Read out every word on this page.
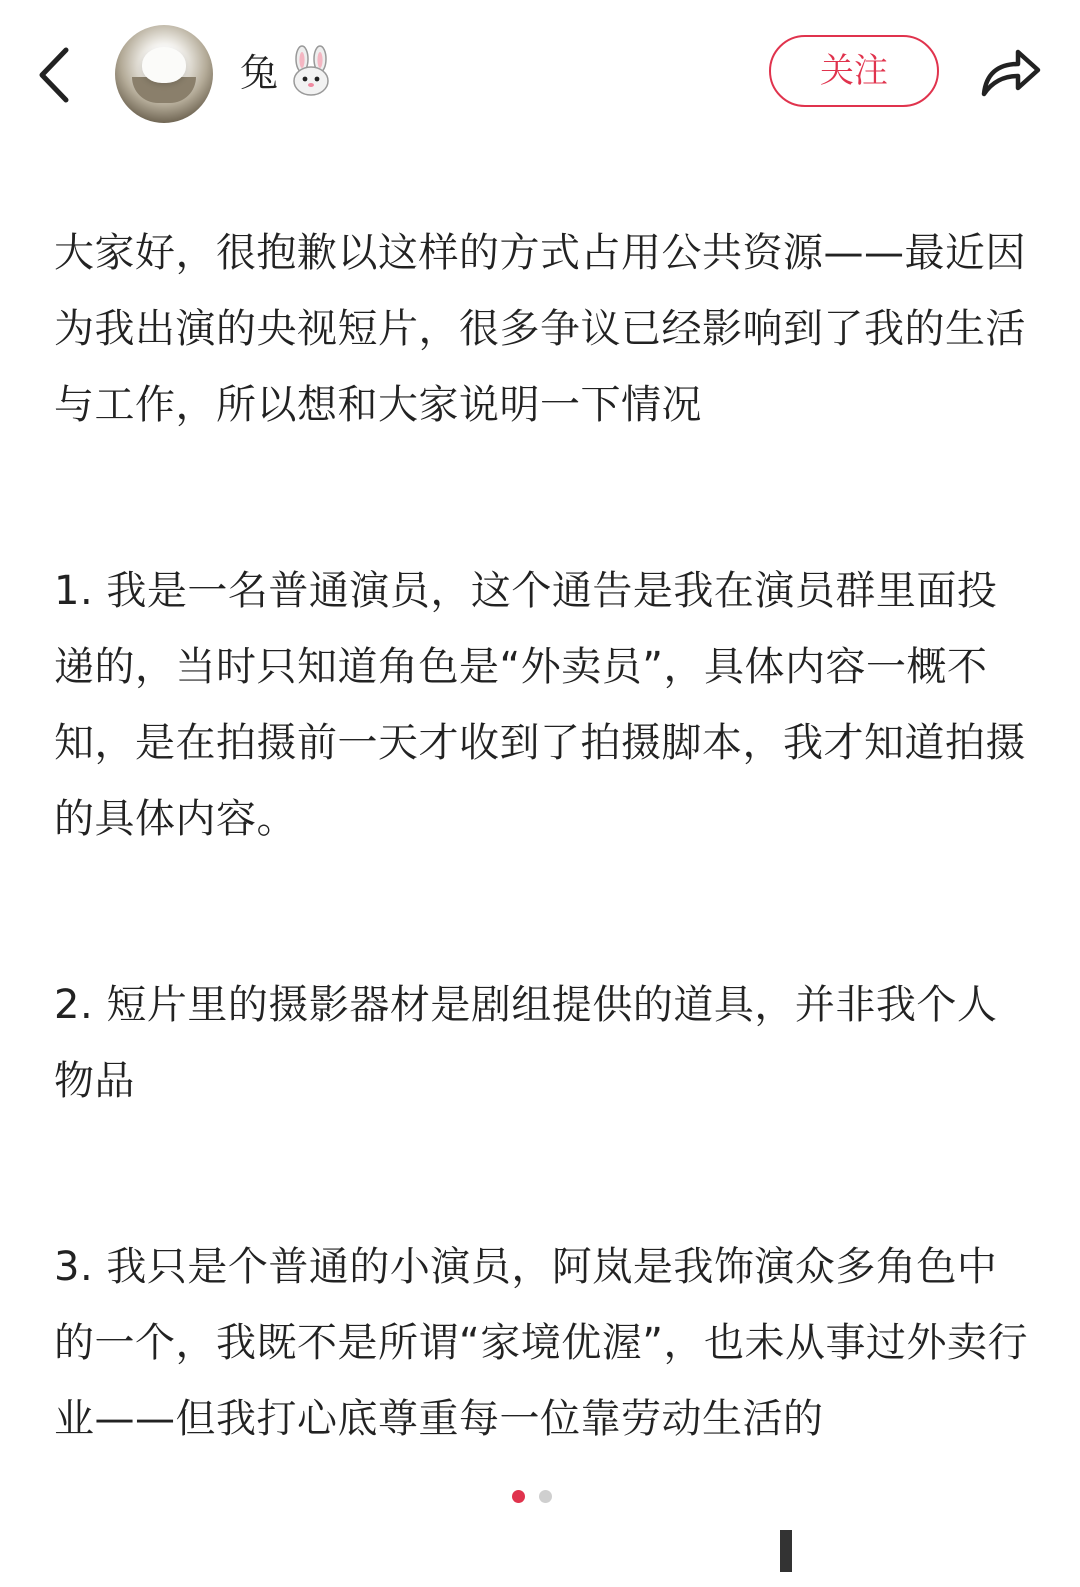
兔	关注

大家好，很抱歉以这样的方式占用公共资源——最近因为我出演的央视短片，很多争议已经影响到了我的生活与工作，所以想和大家说明一下情况

1. 我是一名普通演员，这个通告是我在演员群里面投递的，当时只知道角色是“外卖员”，具体内容一概不知，是在拍摄前一天才收到了拍摄脚本，我才知道拍摄的具体内容。

2. 短片里的摄影器材是剧组提供的道具，并非我个人物品

3. 我只是个普通的小演员，阿岚是我饰演众多角色中的一个，我既不是所谓“家境优渥”，也未从事过外卖行业——但我打心底尊重每一位靠劳动生活的
